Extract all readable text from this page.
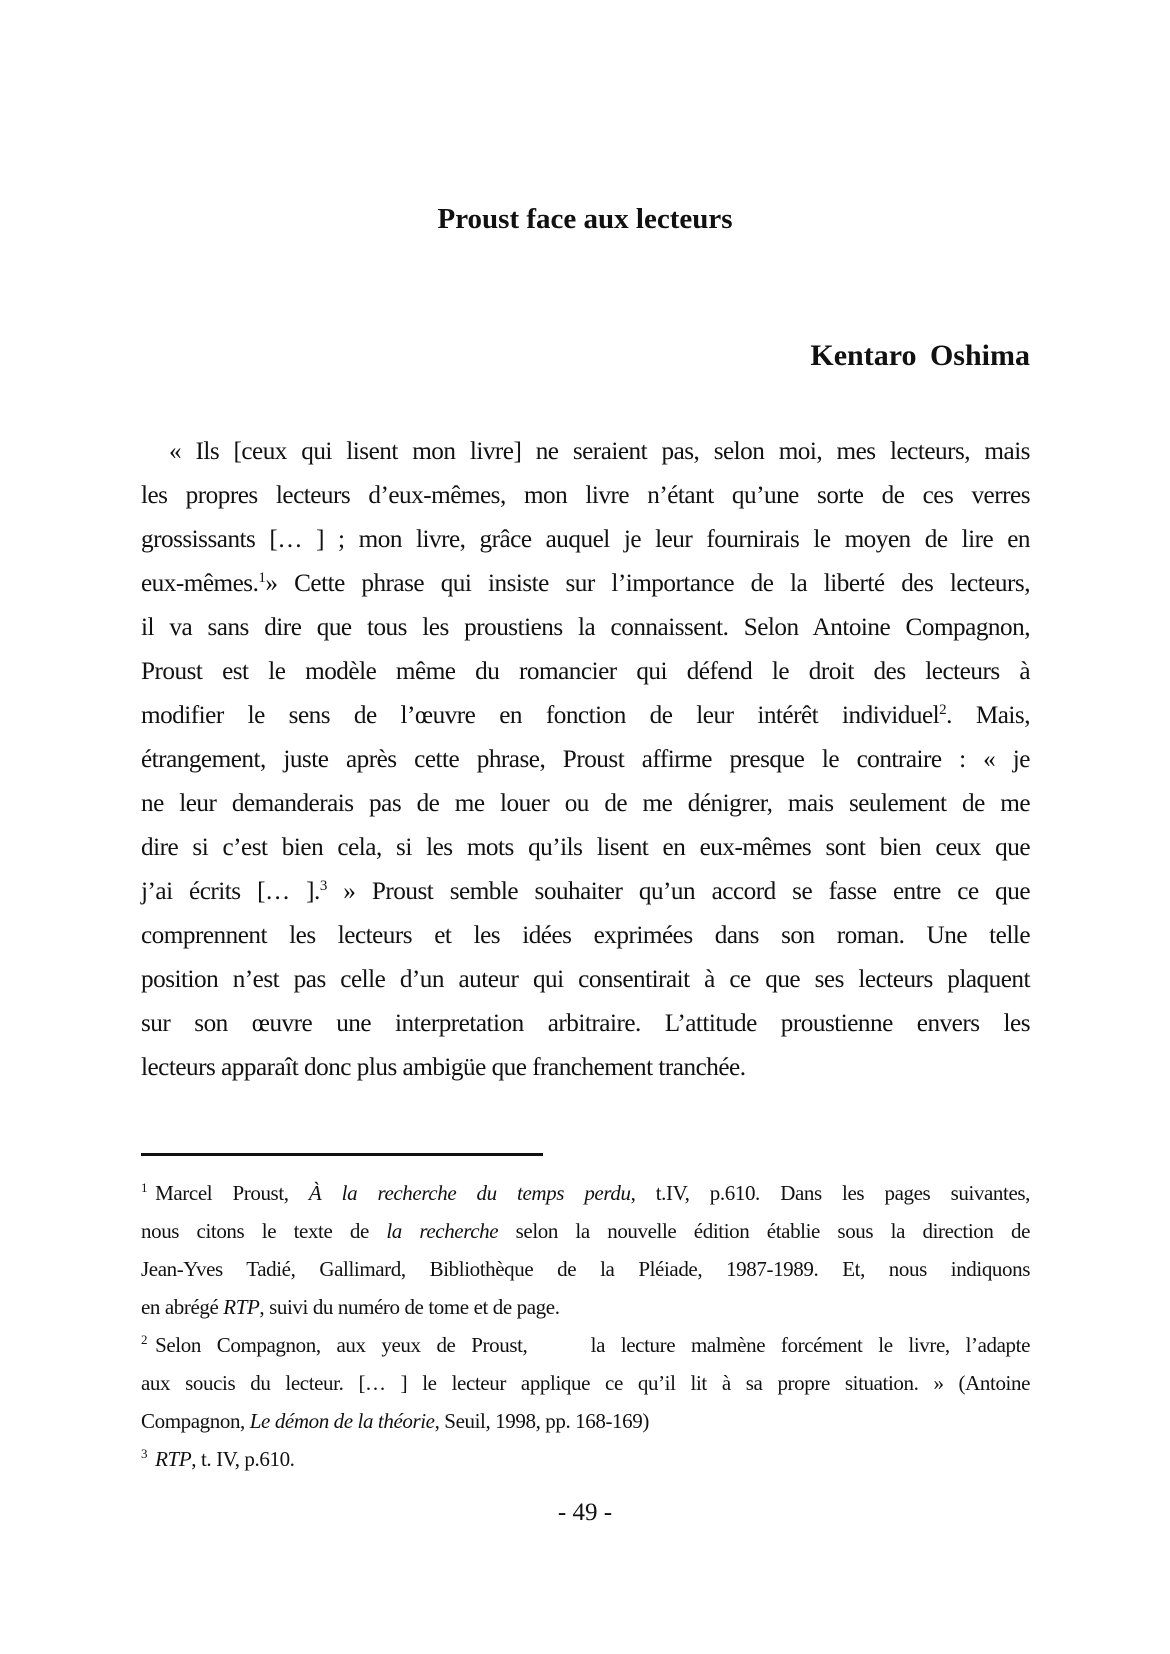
Proust face aux lecteurs
Kentaro Oshima
« Ils [ceux qui lisent mon livre] ne seraient pas, selon moi, mes lecteurs, mais
les propres lecteurs d’eux-mêmes, mon livre n’étant qu’une sorte de ces verres
grossissants [… ] ; mon livre, grâce auquel je leur fournirais le moyen de lire en
eux-mêmes.$^1$» Cette phrase qui insiste sur l’importance de la liberté des lecteurs,
il va sans dire que tous les proustiens la connaissent. Selon Antoine Compagnon,
Proust est le modèle même du romancier qui défend le droit des lecteurs à
modifier le sens de l’œuvre en fonction de leur intérêt individuel$^2$. Mais,
étrangement, juste après cette phrase, Proust affirme presque le contraire : « je
ne leur demanderais pas de me louer ou de me dénigrer, mais seulement de me
dire si c’est bien cela, si les mots qu’ils lisent en eux-mêmes sont bien ceux que
j’ai écrits [… ].$^3$ » Proust semble souhaiter qu’un accord se fasse entre ce que
comprennent les lecteurs et les idées exprimées dans son roman. Une telle
position n’est pas celle d’un auteur qui consentirait à ce que ses lecteurs plaquent
sur son œuvre une interpretation arbitraire. L’attitude proustienne envers les
lecteurs apparaît donc plus ambigüe que franchement tranchée.
$^1$ Marcel Proust, À la recherche du temps perdu, t.IV, p.610. Dans les pages suivantes,
nous citons le texte de la recherche selon la nouvelle édition établie sous la direction de
Jean-Yves Tadié, Gallimard, Bibliothèque de la Pléiade, 1987-1989. Et, nous indiquons
en abrégé RTP, suivi du numéro de tome et de page.
$^2$ Selon Compagnon, aux yeux de Proust,    la lecture malmène forcément le livre, l’adapte
aux soucis du lecteur. [… ] le lecteur applique ce qu’il lit à sa propre situation. » (Antoine
Compagnon, Le démon de la théorie, Seuil, 1998, pp. 168-169)
$^3$ RTP, t. IV, p.610.
- 49 -
